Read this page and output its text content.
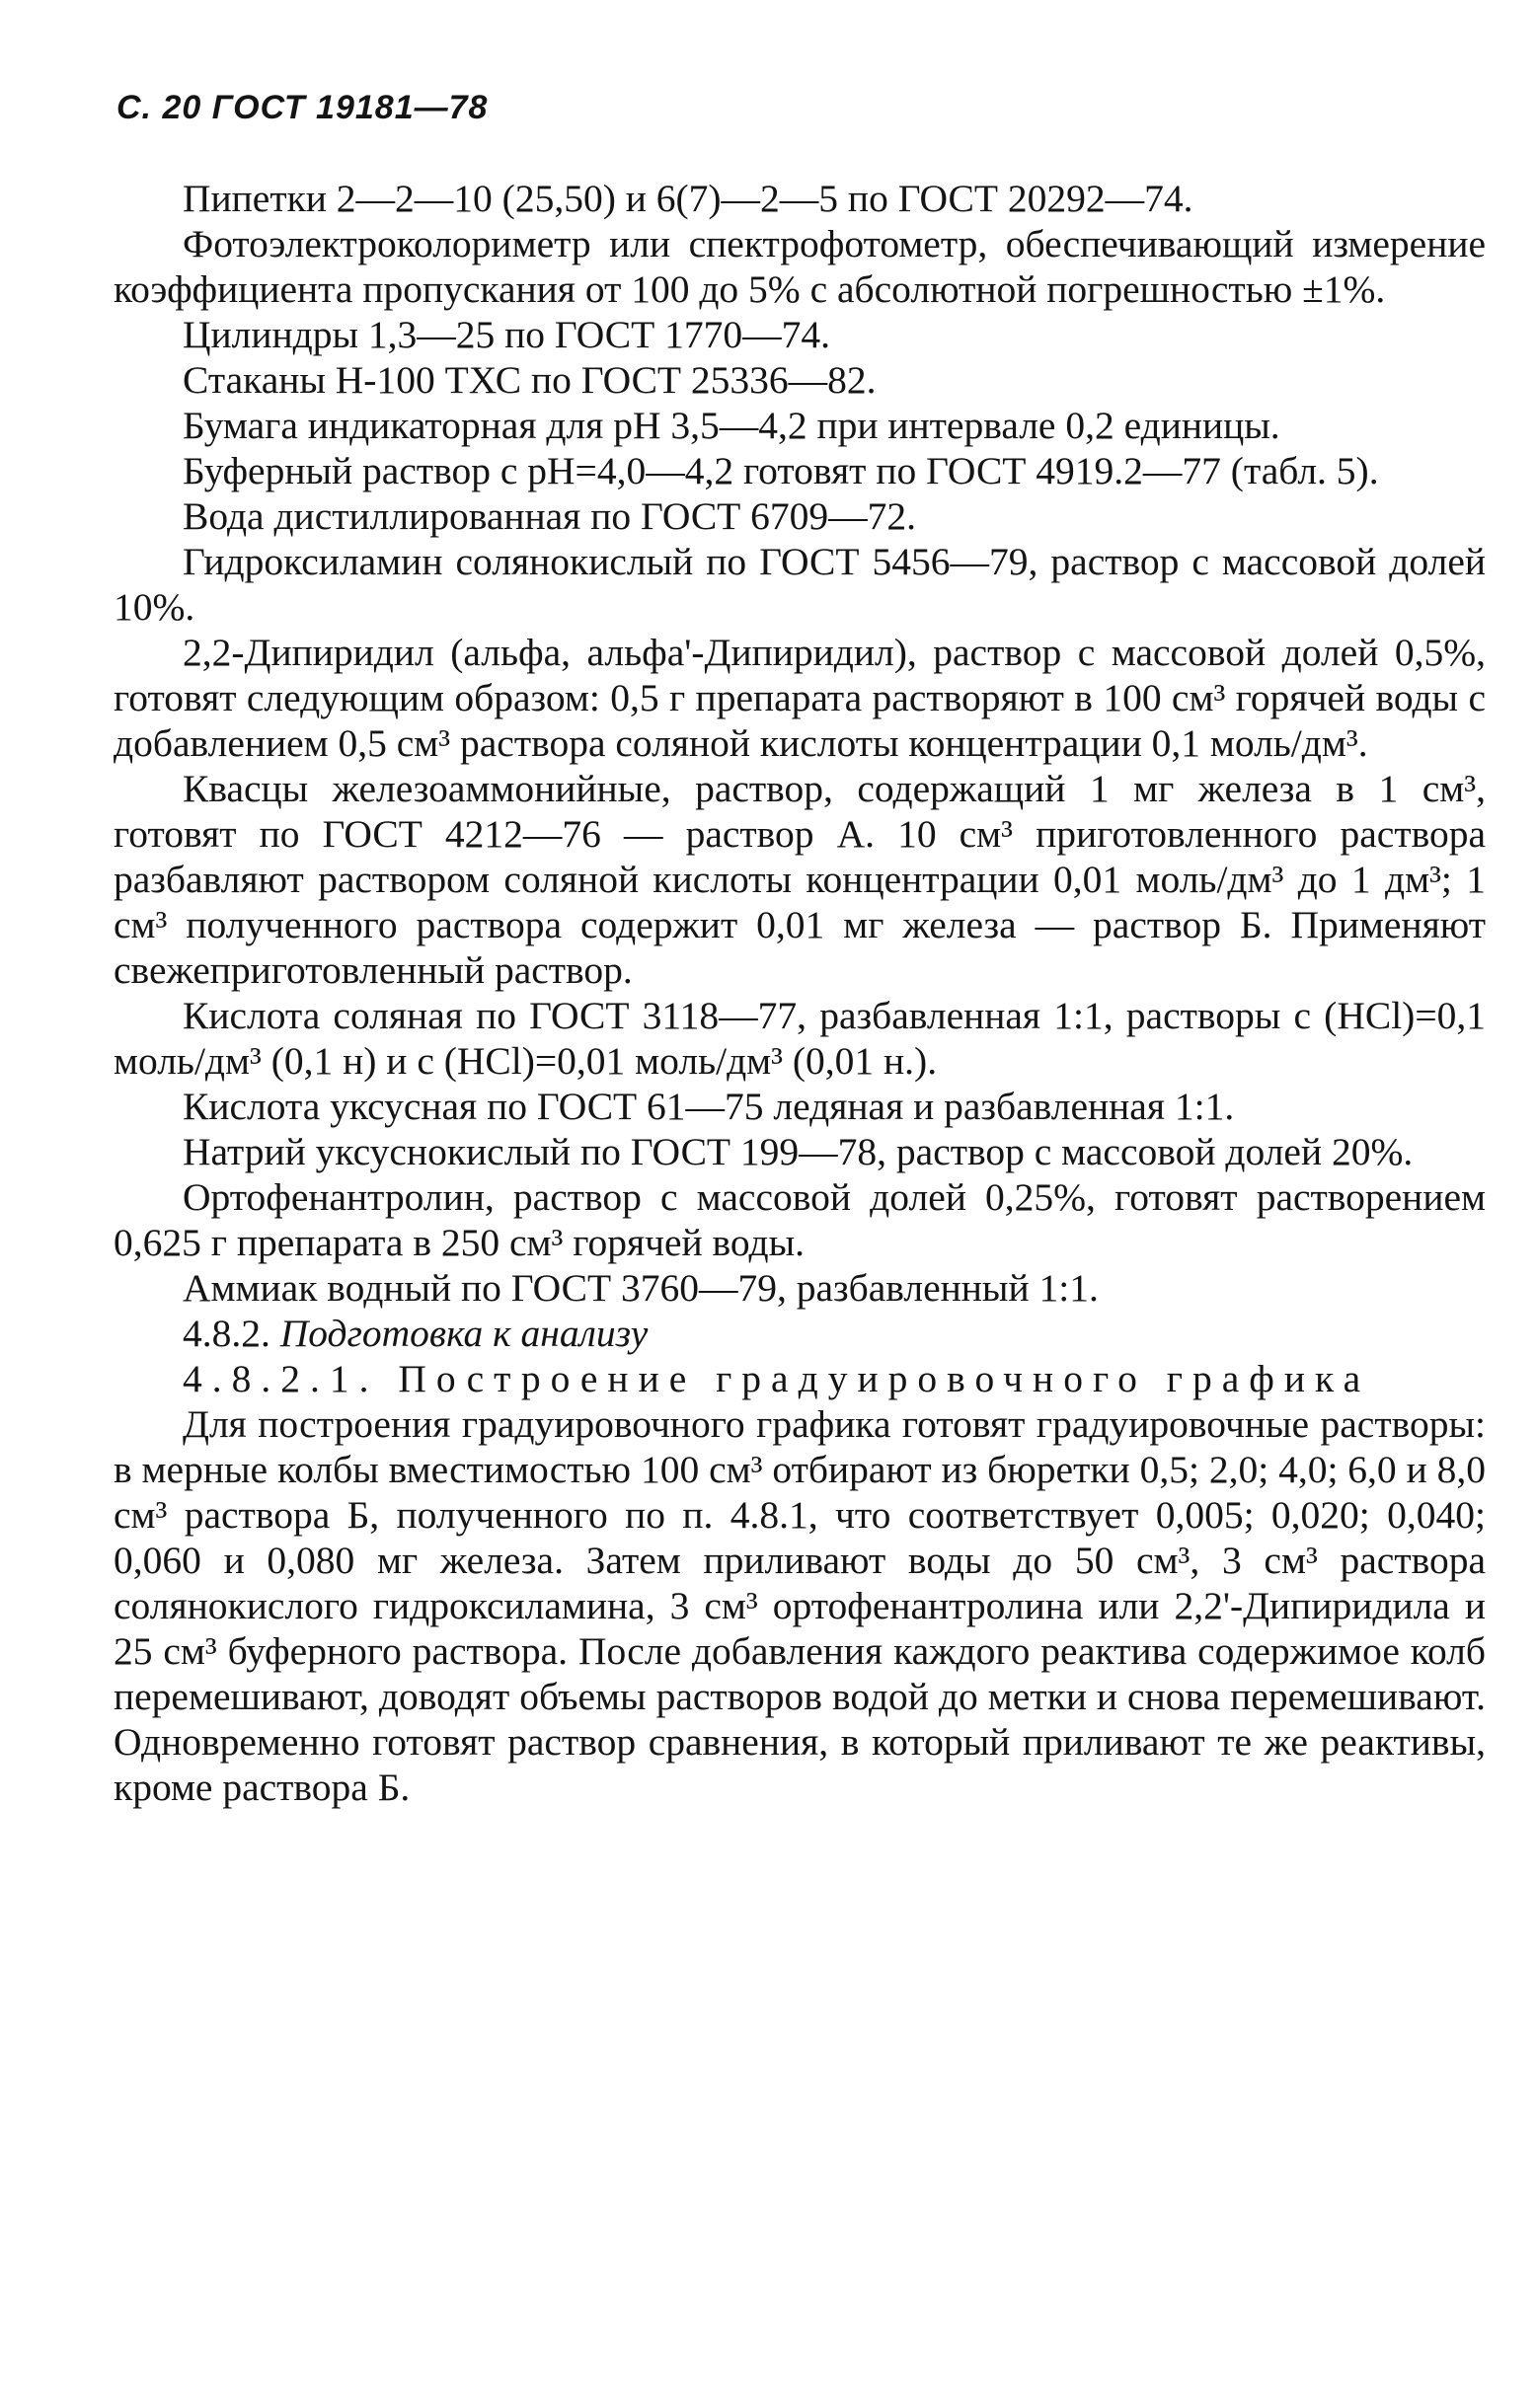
С. 20 ГОСТ 19181—78

Пипетки 2—2—10 (25,50) и 6(7)—2—5 по ГОСТ 20292—74.

Фотоэлектроколориметр или спектрофотометр, обеспечивающий измерение коэффициента пропускания от 100 до 5% с абсолютной погрешностью ±1%.

Цилиндры 1,3—25 по ГОСТ 1770—74.

Стаканы Н-100 ТХС по ГОСТ 25336—82.

Бумага индикаторная для рН 3,5—4,2 при интервале 0,2 единицы.

Буферный раствор с рН=4,0—4,2 готовят по ГОСТ 4919.2—77 (табл. 5).

Вода дистиллированная по ГОСТ 6709—72.

Гидроксиламин солянокислый по ГОСТ 5456—79, раствор с массовой долей 10%.

2,2-Дипиридил (альфа, альфа'-Дипиридил), раствор с массовой долей 0,5%, готовят следующим образом: 0,5 г препарата растворяют в 100 см³ горячей воды с добавлением 0,5 см³ раствора соляной кислоты концентрации 0,1 моль/дм³.

Квасцы железоаммонийные, раствор, содержащий 1 мг железа в 1 см³, готовят по ГОСТ 4212—76 — раствор А. 10 см³ приготовленного раствора разбавляют раствором соляной кислоты концентрации 0,01 моль/дм³ до 1 дм³; 1 см³ полученного раствора содержит 0,01 мг железа — раствор Б. Применяют свежеприготовленный раствор.

Кислота соляная по ГОСТ 3118—77, разбавленная 1:1, растворы с (HCl)=0,1 моль/дм³ (0,1 н) и с (HCl)=0,01 моль/дм³ (0,01 н.).

Кислота уксусная по ГОСТ 61—75 ледяная и разбавленная 1:1.

Натрий уксуснокислый по ГОСТ 199—78, раствор с массовой долей 20%.

Ортофенантролин, раствор с массовой долей 0,25%, готовят растворением 0,625 г препарата в 250 см³ горячей воды.

Аммиак водный по ГОСТ 3760—79, разбавленный 1:1.

4.8.2. Подготовка к анализу

4.8.2.1. Построение градуировочного графика

Для построения градуировочного графика готовят градуировочные растворы: в мерные колбы вместимостью 100 см³ отбирают из бюретки 0,5; 2,0; 4,0; 6,0 и 8,0 см³ раствора Б, полученного по п. 4.8.1, что соответствует 0,005; 0,020; 0,040; 0,060 и 0,080 мг железа. Затем приливают воды до 50 см³, 3 см³ раствора солянокислого гидроксиламина, 3 см³ ортофенантролина или 2,2'-Дипиридила и 25 см³ буферного раствора. После добавления каждого реактива содержимое колб перемешивают, доводят объемы растворов водой до метки и снова перемешивают. Одновременно готовят раствор сравнения, в который приливают те же реактивы, кроме раствора Б.
